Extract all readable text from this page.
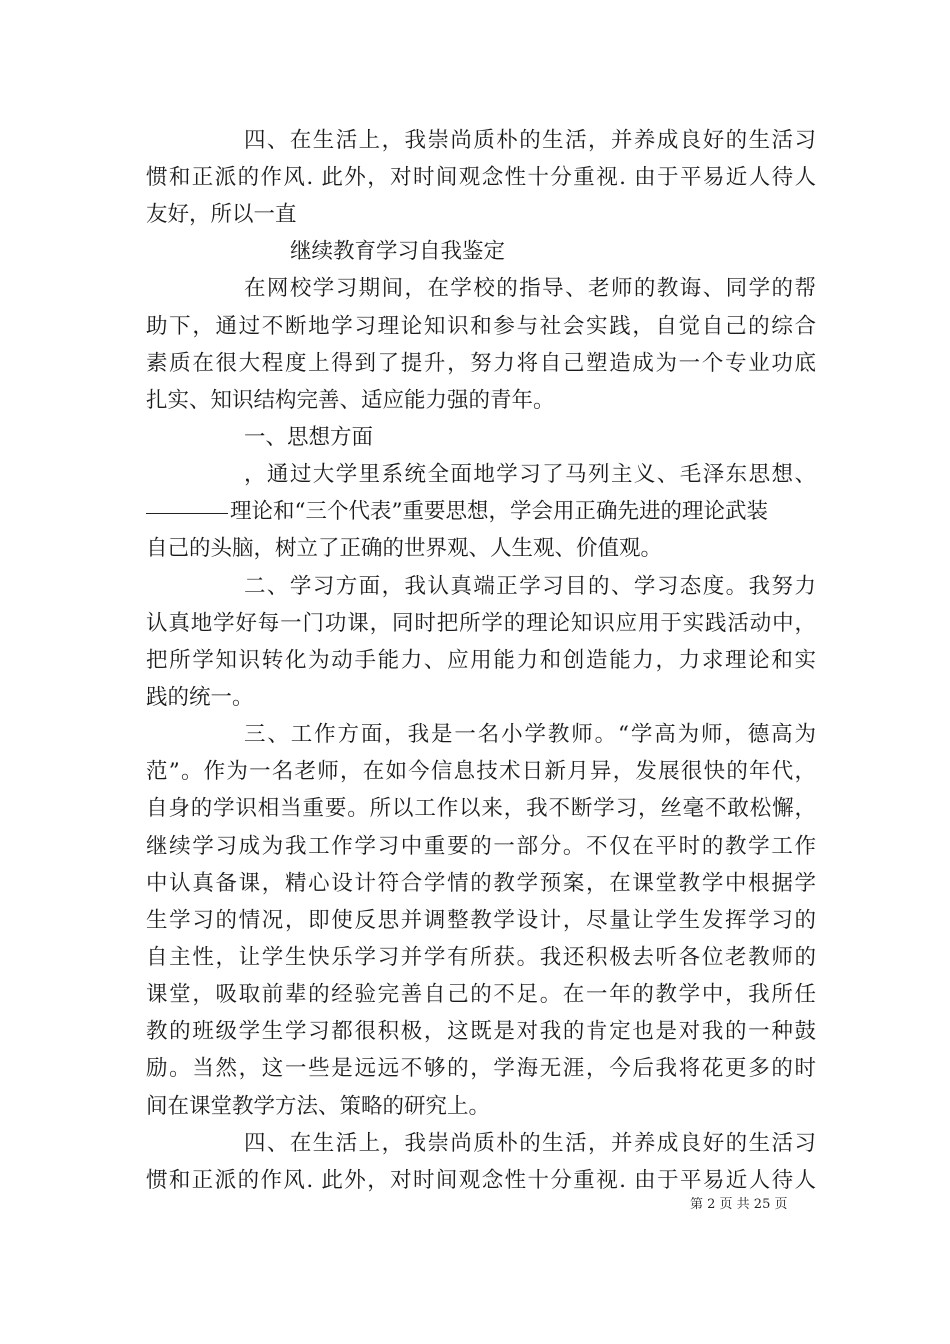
四、在生活上，我崇尚质朴的生活，并养成良好的生活习
惯和正派的作风. 此外，对时间观念性十分重视. 由于平易近人待人
友好，所以一直
继续教育学习自我鉴定
在网校学习期间，在学校的指导、老师的教诲、同学的帮
助下，通过不断地学习理论知识和参与社会实践，自觉自己的综合
素质在很大程度上得到了提升，努力将自己塑造成为一个专业功底
扎实、知识结构完善、适应能力强的青年。
一、思想方面
，通过大学里系统全面地学习了马列主义、毛泽东思想、
理论和“三个代表”重要思想，学会用正确先进的理论武装
自己的头脑，树立了正确的世界观、人生观、价值观。
二、学习方面，我认真端正学习目的、学习态度。我努力
认真地学好每一门功课，同时把所学的理论知识应用于实践活动中，
把所学知识转化为动手能力、应用能力和创造能力，力求理论和实
践的统一。
三、工作方面，我是一名小学教师。“学高为师，德高为
范”。作为一名老师，在如今信息技术日新月异，发展很快的年代，
自身的学识相当重要。所以工作以来，我不断学习，丝毫不敢松懈，
继续学习成为我工作学习中重要的一部分。不仅在平时的教学工作
中认真备课，精心设计符合学情的教学预案，在课堂教学中根据学
生学习的情况，即使反思并调整教学设计，尽量让学生发挥学习的
自主性，让学生快乐学习并学有所获。我还积极去听各位老教师的
课堂，吸取前辈的经验完善自己的不足。在一年的教学中，我所任
教的班级学生学习都很积极，这既是对我的肯定也是对我的一种鼓
励。当然，这一些是远远不够的，学海无涯，今后我将花更多的时
间在课堂教学方法、策略的研究上。
四、在生活上，我崇尚质朴的生活，并养成良好的生活习
惯和正派的作风. 此外，对时间观念性十分重视. 由于平易近人待人
第 2 页 共 25 页
